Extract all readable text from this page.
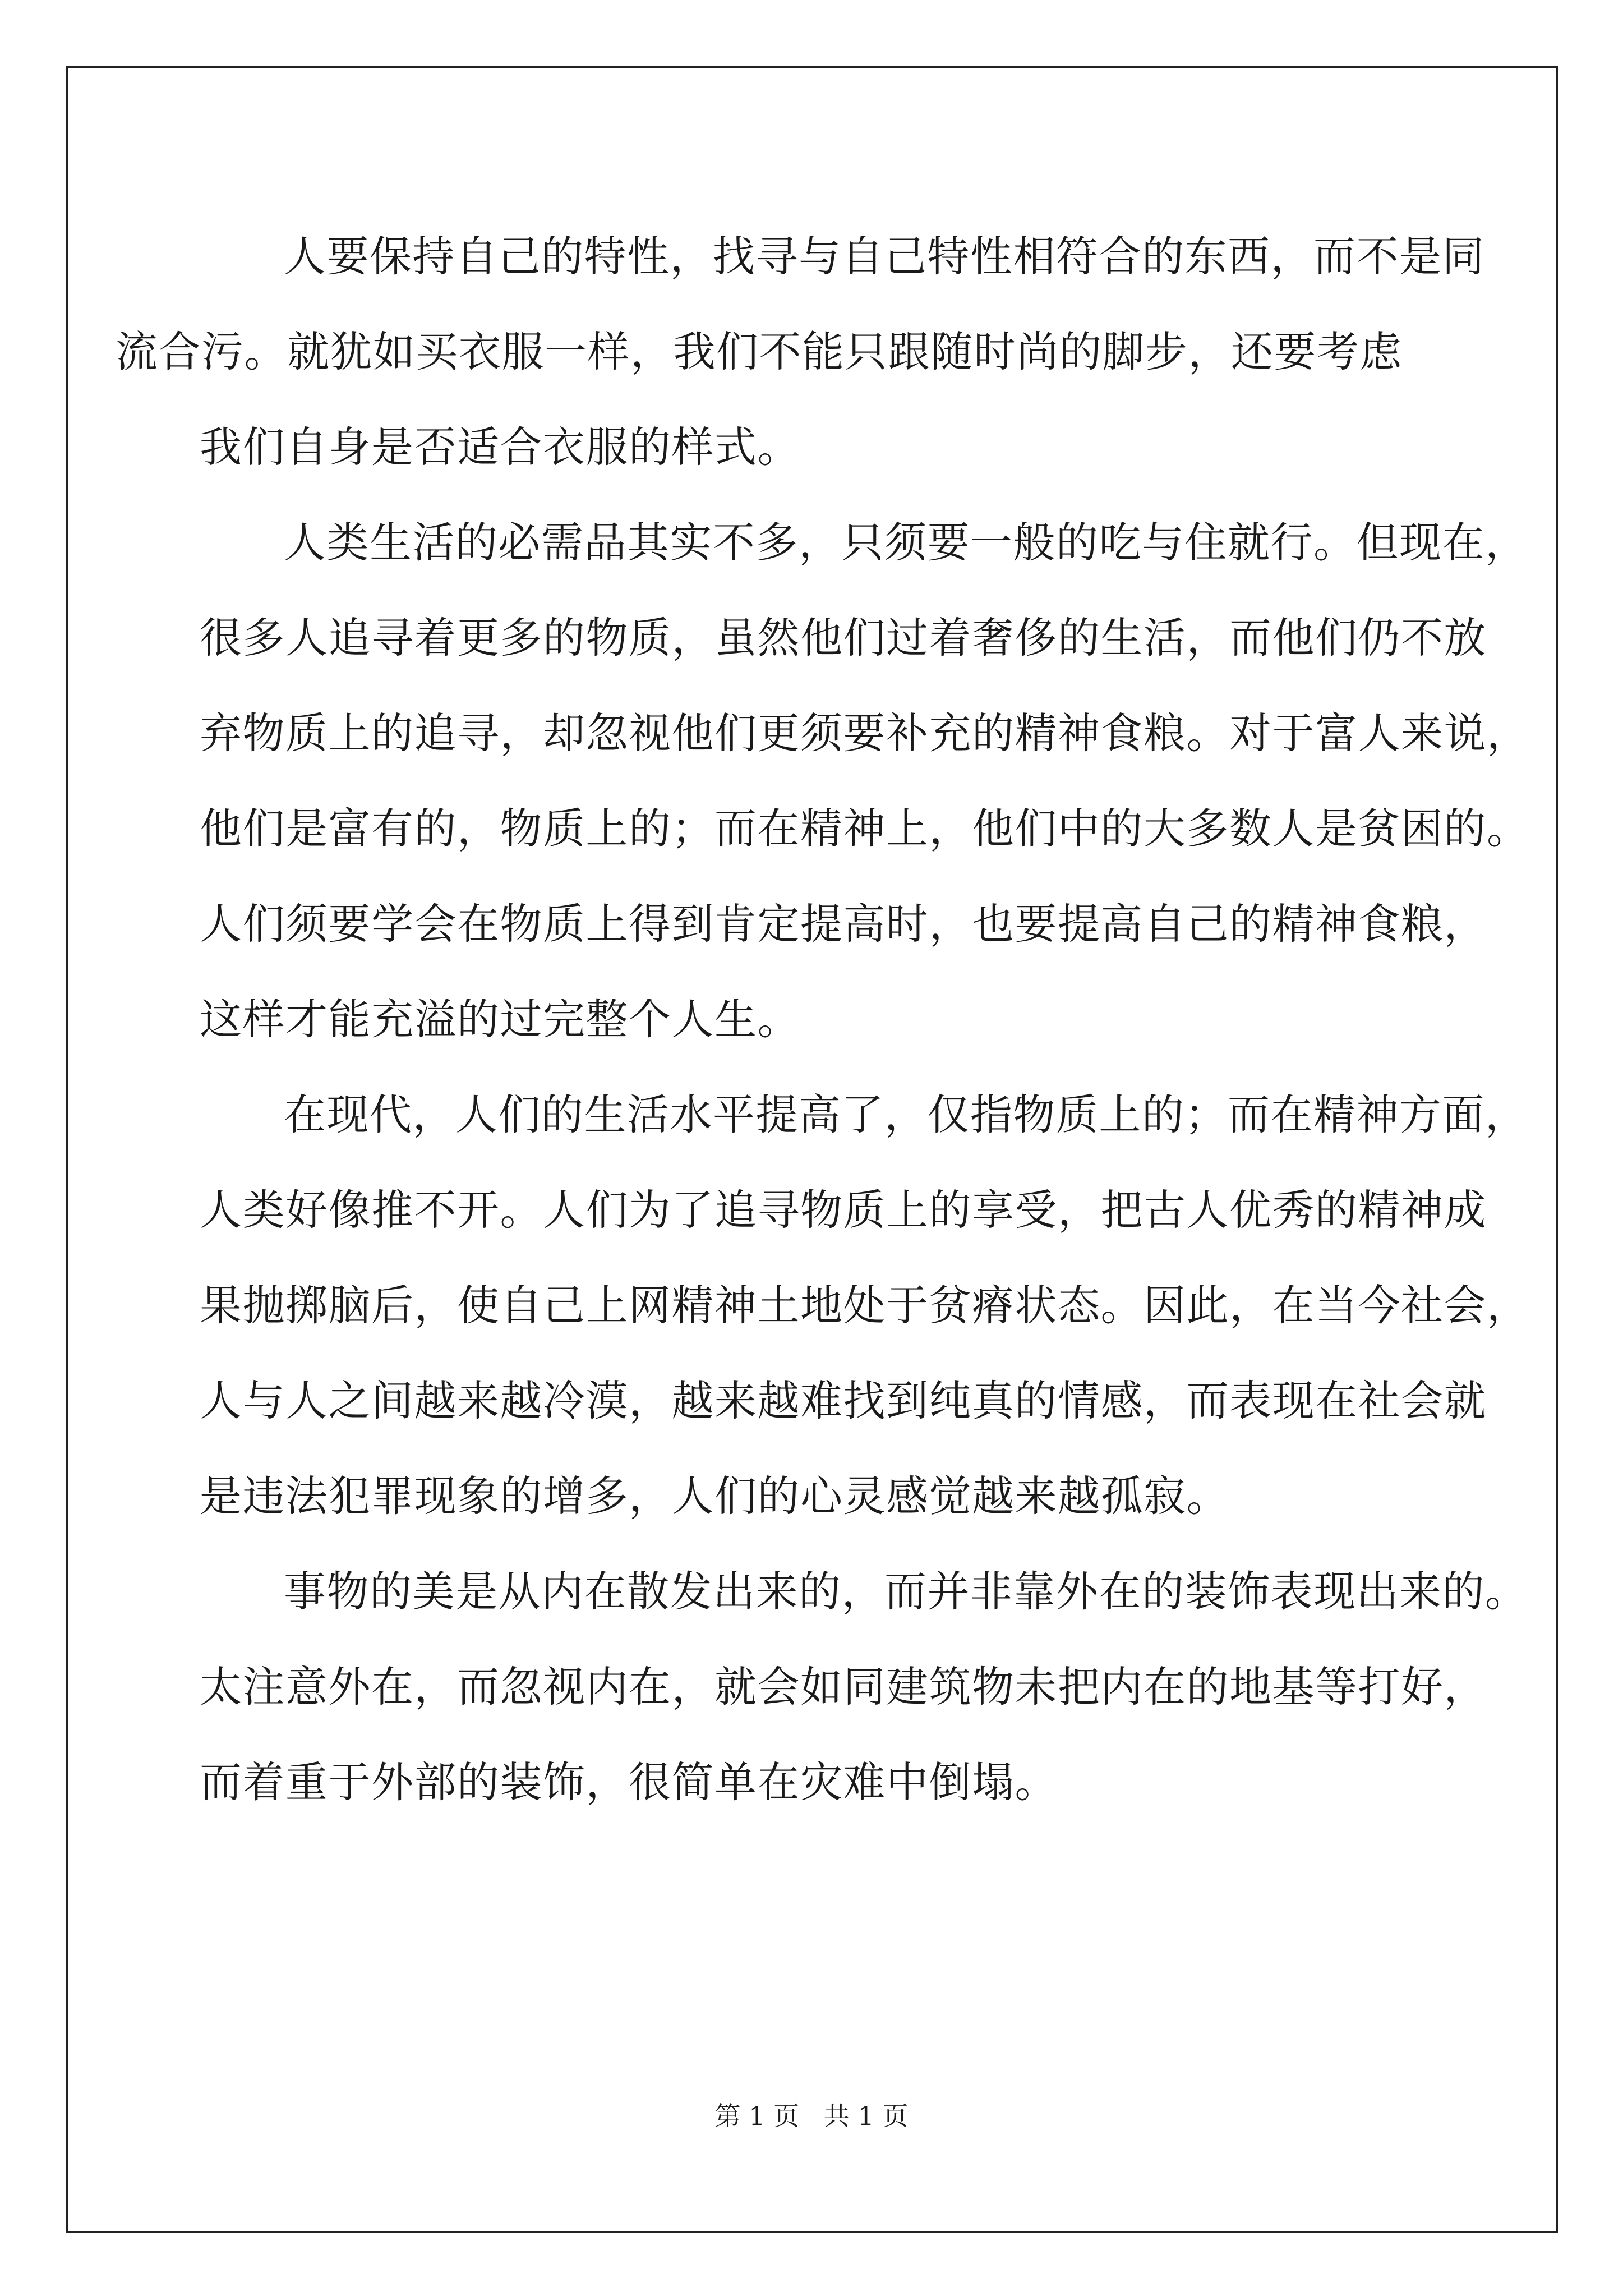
人要保持自己的特性，找寻与自己特性相符合的东西，而不是同
流合污。就犹如买衣服一样，我们不能只跟随时尚的脚步，还要考虑
我们自身是否适合衣服的样式。

人类生活的必需品其实不多，只须要一般的吃与住就行。但现在，
很多人追寻着更多的物质，虽然他们过着奢侈的生活，而他们仍不放
弃物质上的追寻，却忽视他们更须要补充的精神食粮。对于富人来说，
他们是富有的，物质上的；而在精神上，他们中的大多数人是贫困的。
人们须要学会在物质上得到肯定提高时，也要提高自己的精神食粮，
这样才能充溢的过完整个人生。

在现代，人们的生活水平提高了，仅指物质上的；而在精神方面，
人类好像推不开。人们为了追寻物质上的享受，把古人优秀的精神成
果抛掷脑后，使自己上网精神土地处于贫瘠状态。因此，在当今社会，
人与人之间越来越冷漠，越来越难找到纯真的情感，而表现在社会就
是违法犯罪现象的增多，人们的心灵感觉越来越孤寂。

事物的美是从内在散发出来的，而并非靠外在的装饰表现出来的。
太注意外在，而忽视内在，就会如同建筑物未把内在的地基等打好，
而着重于外部的装饰，很简单在灾难中倒塌。

第 1 页   共 1 页
